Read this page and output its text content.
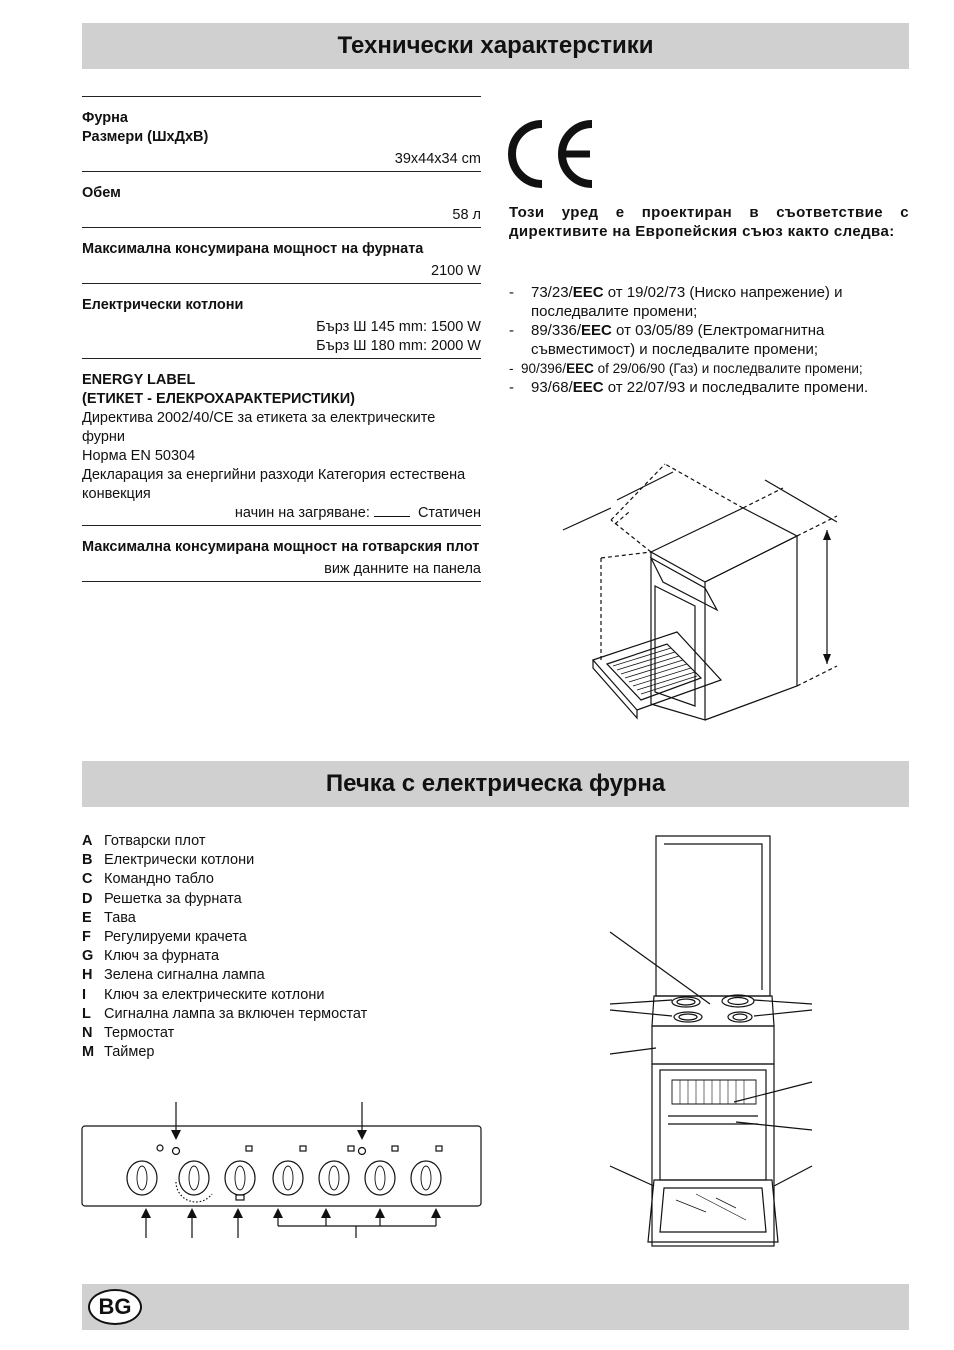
Технически характерстики
Фурна
Размери (ШхДхВ)
39x44x34 cm
Обем
58 л
Максимална консумирана мощност на фурната
2100 W
Електрически котлони
Бърз Ш 145 mm: 1500 W
Бърз Ш 180 mm: 2000 W
ENERGY LABEL
(ЕТИКЕТ - ЕЛЕКРОХАРАКТЕРИСТИКИ)

Директива 2002/40/CE за етикета за електрическите фурни

Норма EN 50304

Декларация за енергийни разходи Категория естествена конвекция

начин на загряване:	Статичен
Максимална консумирана мощност на готварския плот
виж данните на панела
Този уред е проектиран в съответствие с директивите на Европейския съюз както следва:
-	73/23/EEC от 19/02/73 (Ниско напрежение) и последвалите промени;
-	89/336/EEC от 03/05/89 (Електромагнитна съвместимост) и последвалите промени;
- 90/396/EEC of 29/06/90 (Газ) и последвалите промени;
-	93/68/EEC от 22/07/93 и последвалите промени.
Печка с електрическа фурна
A Готварски плот
B Електрически котлони
C Командно табло
D Решетка за фурната
E Тава
F Регулируеми крачета
G Ключ за фурната
H Зелена сигнална лампа
I	Ключ за електрическите котлони
L Сигнална лампа за включен термостат
N Термостат
M Таймер
BG
